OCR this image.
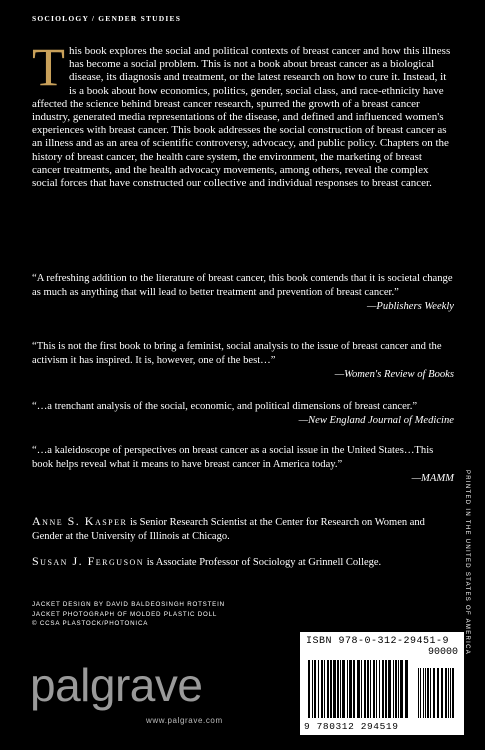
SOCIOLOGY / GENDER STUDIES
This book explores the social and political contexts of breast cancer and how this illness has become a social problem. This is not a book about breast cancer as a biological disease, its diagnosis and treatment, or the latest research on how to cure it. Instead, it is a book about how economics, politics, gender, social class, and race-ethnicity have affected the science behind breast cancer research, spurred the growth of a breast cancer industry, generated media representations of the disease, and defined and influenced women's experiences with breast cancer. This book addresses the social construction of breast cancer as an illness and as an area of scientific controversy, advocacy, and public policy. Chapters on the history of breast cancer, the health care system, the environment, the marketing of breast cancer treatments, and the health advocacy movements, among others, reveal the complex social forces that have constructed our collective and individual responses to breast cancer.
“A refreshing addition to the literature of breast cancer, this book contends that it is societal change as much as anything that will lead to better treatment and prevention of breast cancer.”
—Publishers Weekly
“This is not the first book to bring a feminist, social analysis to the issue of breast cancer and the activism it has inspired. It is, however, one of the best…”
—Women's Review of Books
“…a trenchant analysis of the social, economic, and political dimensions of breast cancer.”
—New England Journal of Medicine
“…a kaleidoscope of perspectives on breast cancer as a social issue in the United States…This book helps reveal what it means to have breast cancer in America today.”
—MAMM
Anne S. Kasper is Senior Research Scientist at the Center for Research on Women and Gender at the University of Illinois at Chicago.
Susan J. Ferguson is Associate Professor of Sociology at Grinnell College.
JACKET DESIGN BY DAVID BALDEOSINGH ROTSTEIN
JACKET PHOTOGRAPH OF MOLDED PLASTIC DOLL
© CCSA PLASTOCK/PHOTONICA
palgrave
www.palgrave.com
ISBN 978-0-312-29451-9
90000
9 780312 294519
PRINTED IN THE UNITED STATES OF AMERICA
